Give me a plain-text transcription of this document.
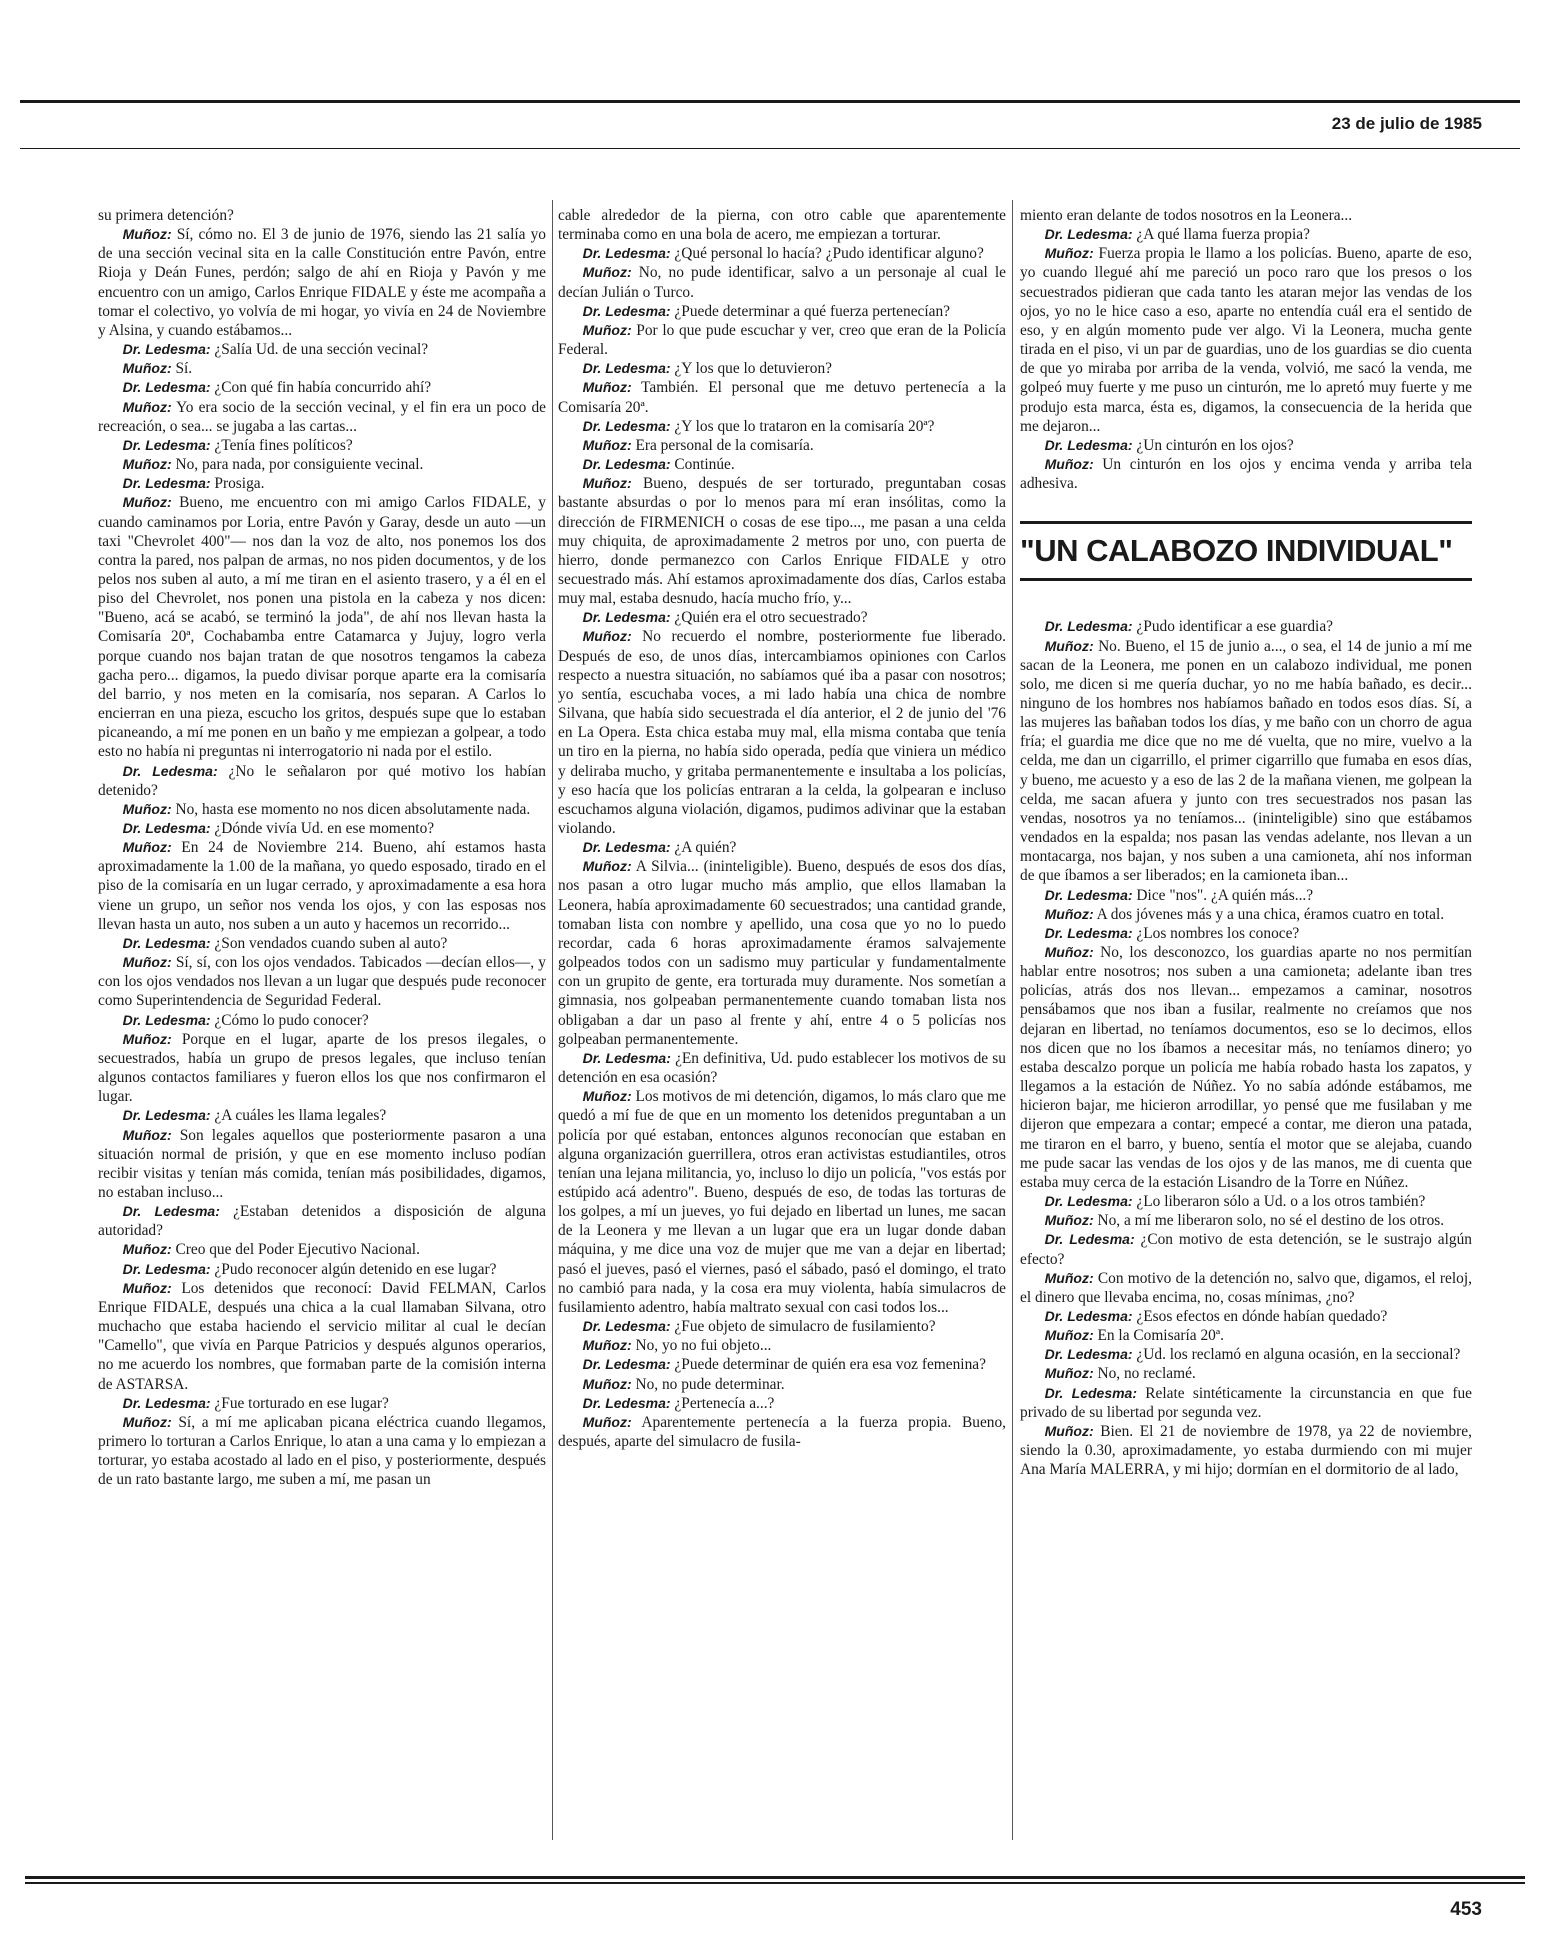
23 de julio de 1985

su primera detención?

Muñoz: Sí, cómo no. El 3 de junio de 1976, siendo las 21 salía yo de una sección vecinal sita en la calle Constitución entre Pavón, entre Rioja y Deán Funes, perdón; salgo de ahí en Rioja y Pavón y me encuentro con un amigo, Carlos Enrique FIDALE y éste me acompaña a tomar el colectivo, yo volvía de mi hogar, yo vivía en 24 de Noviembre y Alsina, y cuando estábamos...

Dr. Ledesma: ¿Salía Ud. de una sección vecinal?

Muñoz: Sí.

Dr. Ledesma: ¿Con qué fin había concurrido ahí?

Muñoz: Yo era socio de la sección vecinal, y el fin era un poco de recreación, o sea... se jugaba a las cartas...

Dr. Ledesma: ¿Tenía fines políticos?

Muñoz: No, para nada, por consiguiente vecinal.

Dr. Ledesma: Prosiga.

Muñoz: Bueno, me encuentro con mi amigo Carlos FIDALE, y cuando caminamos por Loria, entre Pavón y Garay, desde un auto —un taxi "Chevrolet 400"— nos dan la voz de alto, nos ponemos los dos contra la pared, nos palpan de armas, no nos piden documentos, y de los pelos nos suben al auto, a mí me tiran en el asiento trasero, y a él en el piso del Chevrolet, nos ponen una pistola en la cabeza y nos dicen: "Bueno, acá se acabó, se terminó la joda", de ahí nos llevan hasta la Comisaría 20ª, Cochabamba entre Catamarca y Jujuy, logro verla porque cuando nos bajan tratan de que nosotros tengamos la cabeza gacha pero... digamos, la puedo divisar porque aparte era la comisaría del barrio, y nos meten en la comisaría, nos separan. A Carlos lo encierran en una pieza, escucho los gritos, después supe que lo estaban picaneando, a mí me ponen en un baño y me empiezan a golpear, a todo esto no había ni preguntas ni interrogatorio ni nada por el estilo.

Dr. Ledesma: ¿No le señalaron por qué motivo los habían detenido?

Muñoz: No, hasta ese momento no nos dicen absolutamente nada.

Dr. Ledesma: ¿Dónde vivía Ud. en ese momento?

Muñoz: En 24 de Noviembre 214. Bueno, ahí estamos hasta aproximadamente la 1.00 de la mañana, yo quedo esposado, tirado en el piso de la comisaría en un lugar cerrado, y aproximadamente a esa hora viene un grupo, un señor nos venda los ojos, y con las esposas nos llevan hasta un auto, nos suben a un auto y hacemos un recorrido...

Dr. Ledesma: ¿Son vendados cuando suben al auto?

Muñoz: Sí, sí, con los ojos vendados. Tabicados —decían ellos—, y con los ojos vendados nos llevan a un lugar que después pude reconocer como Superintendencia de Seguridad Federal.

Dr. Ledesma: ¿Cómo lo pudo conocer?

Muñoz: Porque en el lugar, aparte de los presos ilegales, o secuestrados, había un grupo de presos legales, que incluso tenían algunos contactos familiares y fueron ellos los que nos confirmaron el lugar.

Dr. Ledesma: ¿A cuáles les llama legales?

Muñoz: Son legales aquellos que posteriormente pasaron a una situación normal de prisión, y que en ese momento incluso podían recibir visitas y tenían más comida, tenían más posibilidades, digamos, no estaban incluso...

Dr. Ledesma: ¿Estaban detenidos a disposición de alguna autoridad?

Muñoz: Creo que del Poder Ejecutivo Nacional.

Dr. Ledesma: ¿Pudo reconocer algún detenido en ese lugar?

Muñoz: Los detenidos que reconocí: David FELMAN, Carlos Enrique FIDALE, después una chica a la cual llamaban Silvana, otro muchacho que estaba haciendo el servicio militar al cual le decían "Camello", que vivía en Parque Patricios y después algunos operarios, no me acuerdo los nombres, que formaban parte de la comisión interna de ASTARSA.

Dr. Ledesma: ¿Fue torturado en ese lugar?

Muñoz: Sí, a mí me aplicaban picana eléctrica cuando llegamos, primero lo torturan a Carlos Enrique, lo atan a una cama y lo empiezan a torturar, yo estaba acostado al lado en el piso, y posteriormente, después de un rato bastante largo, me suben a mí, me pasan un

cable alrededor de la pierna, con otro cable que aparentemente terminaba como en una bola de acero, me empiezan a torturar.

Dr. Ledesma: ¿Qué personal lo hacía? ¿Pudo identificar alguno?

Muñoz: No, no pude identificar, salvo a un personaje al cual le decían Julián o Turco.

Dr. Ledesma: ¿Puede determinar a qué fuerza pertenecían?

Muñoz: Por lo que pude escuchar y ver, creo que eran de la Policía Federal.

Dr. Ledesma: ¿Y los que lo detuvieron?

Muñoz: También. El personal que me detuvo pertenecía a la Comisaría 20ª.

Dr. Ledesma: ¿Y los que lo trataron en la comisaría 20ª?

Muñoz: Era personal de la comisaría.

Dr. Ledesma: Continúe.

Muñoz: Bueno, después de ser torturado, preguntaban cosas bastante absurdas o por lo menos para mí eran insólitas, como la dirección de FIRMENICH o cosas de ese tipo..., me pasan a una celda muy chiquita, de aproximadamente 2 metros por uno, con puerta de hierro, donde permanezco con Carlos Enrique FIDALE y otro secuestrado más. Ahí estamos aproximadamente dos días, Carlos estaba muy mal, estaba desnudo, hacía mucho frío, y...

Dr. Ledesma: ¿Quién era el otro secuestrado?

Muñoz: No recuerdo el nombre, posteriormente fue liberado. Después de eso, de unos días, intercambiamos opiniones con Carlos respecto a nuestra situación, no sabíamos qué iba a pasar con nosotros; yo sentía, escuchaba voces, a mi lado había una chica de nombre Silvana, que había sido secuestrada el día anterior, el 2 de junio del '76 en La Opera. Esta chica estaba muy mal, ella misma contaba que tenía un tiro en la pierna, no había sido operada, pedía que viniera un médico y deliraba mucho, y gritaba permanentemente e insultaba a los policías, y eso hacía que los policías entraran a la celda, la golpearan e incluso escuchamos alguna violación, digamos, pudimos adivinar que la estaban violando.

Dr. Ledesma: ¿A quién?

Muñoz: A Silvia... (ininteligible). Bueno, después de esos dos días, nos pasan a otro lugar mucho más amplio, que ellos llamaban la Leonera, había aproximadamente 60 secuestrados; una cantidad grande, tomaban lista con nombre y apellido, una cosa que yo no lo puedo recordar, cada 6 horas aproximadamente éramos salvajemente golpeados todos con un sadismo muy particular y fundamentalmente con un grupito de gente, era torturada muy duramente. Nos sometían a gimnasia, nos golpeaban permanentemente cuando tomaban lista nos obligaban a dar un paso al frente y ahí, entre 4 o 5 policías nos golpeaban permanentemente.

Dr. Ledesma: ¿En definitiva, Ud. pudo establecer los motivos de su detención en esa ocasión?

Muñoz: Los motivos de mi detención, digamos, lo más claro que me quedó a mí fue de que en un momento los detenidos preguntaban a un policía por qué estaban, entonces algunos reconocían que estaban en alguna organización guerrillera, otros eran activistas estudiantiles, otros tenían una lejana militancia, yo, incluso lo dijo un policía, "vos estás por estúpido acá adentro". Bueno, después de eso, de todas las torturas de los golpes, a mí un jueves, yo fui dejado en libertad un lunes, me sacan de la Leonera y me llevan a un lugar que era un lugar donde daban máquina, y me dice una voz de mujer que me van a dejar en libertad; pasó el jueves, pasó el viernes, pasó el sábado, pasó el domingo, el trato no cambió para nada, y la cosa era muy violenta, había simulacros de fusilamiento adentro, había maltrato sexual con casi todos los...

Dr. Ledesma: ¿Fue objeto de simulacro de fusilamiento?

Muñoz: No, yo no fui objeto...

Dr. Ledesma: ¿Puede determinar de quién era esa voz femenina?

Muñoz: No, no pude determinar.

Dr. Ledesma: ¿Pertenecía a...?

Muñoz: Aparentemente pertenecía a la fuerza propia. Bueno, después, aparte del simulacro de fusila-

miento eran delante de todos nosotros en la Leonera...

Dr. Ledesma: ¿A qué llama fuerza propia?

Muñoz: Fuerza propia le llamo a los policías. Bueno, aparte de eso, yo cuando llegué ahí me pareció un poco raro que los presos o los secuestrados pidieran que cada tanto les ataran mejor las vendas de los ojos, yo no le hice caso a eso, aparte no entendía cuál era el sentido de eso, y en algún momento pude ver algo. Vi la Leonera, mucha gente tirada en el piso, vi un par de guardias, uno de los guardias se dio cuenta de que yo miraba por arriba de la venda, volvió, me sacó la venda, me golpeó muy fuerte y me puso un cinturón, me lo apretó muy fuerte y me produjo esta marca, ésta es, digamos, la consecuencia de la herida que me dejaron...

Dr. Ledesma: ¿Un cinturón en los ojos?

Muñoz: Un cinturón en los ojos y encima venda y arriba tela adhesiva.

"UN CALABOZO INDIVIDUAL"

Dr. Ledesma: ¿Pudo identificar a ese guardia?

Muñoz: No. Bueno, el 15 de junio a..., o sea, el 14 de junio a mí me sacan de la Leonera, me ponen en un calabozo individual, me ponen solo, me dicen si me quería duchar, yo no me había bañado, es decir... ninguno de los hombres nos habíamos bañado en todos esos días. Sí, a las mujeres las bañaban todos los días, y me baño con un chorro de agua fría; el guardia me dice que no me dé vuelta, que no mire, vuelvo a la celda, me dan un cigarrillo, el primer cigarrillo que fumaba en esos días, y bueno, me acuesto y a eso de las 2 de la mañana vienen, me golpean la celda, me sacan afuera y junto con tres secuestrados nos pasan las vendas, nosotros ya no teníamos... (ininteligible) sino que estábamos vendados en la espalda; nos pasan las vendas adelante, nos llevan a un montacarga, nos bajan, y nos suben a una camioneta, ahí nos informan de que íbamos a ser liberados; en la camioneta iban...

Dr. Ledesma: Dice "nos". ¿A quién más...?

Muñoz: A dos jóvenes más y a una chica, éramos cuatro en total.

Dr. Ledesma: ¿Los nombres los conoce?

Muñoz: No, los desconozco, los guardias aparte no nos permitían hablar entre nosotros; nos suben a una camioneta; adelante iban tres policías, atrás dos nos llevan... empezamos a caminar, nosotros pensábamos que nos iban a fusilar, realmente no creíamos que nos dejaran en libertad, no teníamos documentos, eso se lo decimos, ellos nos dicen que no los íbamos a necesitar más, no teníamos dinero; yo estaba descalzo porque un policía me había robado hasta los zapatos, y llegamos a la estación de Núñez. Yo no sabía adónde estábamos, me hicieron bajar, me hicieron arrodillar, yo pensé que me fusilaban y me dijeron que empezara a contar; empecé a contar, me dieron una patada, me tiraron en el barro, y bueno, sentía el motor que se alejaba, cuando me pude sacar las vendas de los ojos y de las manos, me di cuenta que estaba muy cerca de la estación Lisandro de la Torre en Núñez.

Dr. Ledesma: ¿Lo liberaron sólo a Ud. o a los otros también?

Muñoz: No, a mí me liberaron solo, no sé el destino de los otros.

Dr. Ledesma: ¿Con motivo de esta detención, se le sustrajo algún efecto?

Muñoz: Con motivo de la detención no, salvo que, digamos, el reloj, el dinero que llevaba encima, no, cosas mínimas, ¿no?

Dr. Ledesma: ¿Esos efectos en dónde habían quedado?

Muñoz: En la Comisaría 20ª.

Dr. Ledesma: ¿Ud. los reclamó en alguna ocasión, en la seccional?

Muñoz: No, no reclamé.

Dr. Ledesma: Relate sintéticamente la circunstancia en que fue privado de su libertad por segunda vez.

Muñoz: Bien. El 21 de noviembre de 1978, ya 22 de noviembre, siendo la 0.30, aproximadamente, yo estaba durmiendo con mi mujer Ana María MALERRA, y mi hijo; dormían en el dormitorio de al lado,

453
